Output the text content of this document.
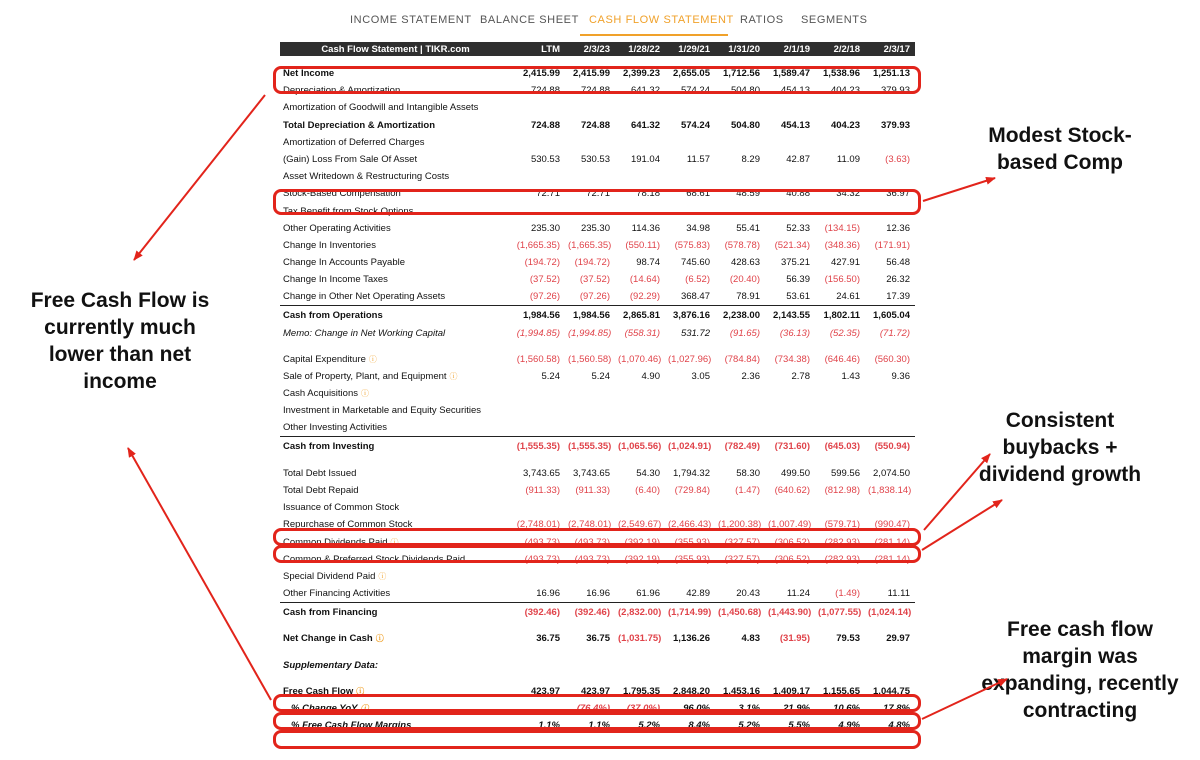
INCOME STATEMENT BALANCE SHEET CASH FLOW STATEMENT RATIOS SEGMENTS
Cash Flow Statement | TIKR.com	LTM	2/3/23	1/28/22	1/29/21	1/31/20	2/1/19	2/2/18	2/3/17

Net Income	2,415.99	2,415.99	2,399.23	2,655.05	1,712.56	1,589.47	1,538.96	1,251.13
Depreciation & Amortization	724.88	724.88	641.32	574.24	504.80	454.13	404.23	379.93
Amortization of Goodwill and Intangible Assets								
Total Depreciation & Amortization	724.88	724.88	641.32	574.24	504.80	454.13	404.23	379.93
Amortization of Deferred Charges								
(Gain) Loss From Sale Of Asset	530.53	530.53	191.04	11.57	8.29	42.87	11.09	(3.63)
Asset Writedown & Restructuring Costs								
Stock-Based Compensation	72.71	72.71	78.18	68.61	48.59	40.88	34.32	36.97
Tax Benefit from Stock Options								
Other Operating Activities	235.30	235.30	114.36	34.98	55.41	52.33	(134.15)	12.36
Change In Inventories	(1,665.35)	(1,665.35)	(550.11)	(575.83)	(578.78)	(521.34)	(348.36)	(171.91)
Change In Accounts Payable	(194.72)	(194.72)	98.74	745.60	428.63	375.21	427.91	56.48
Change In Income Taxes	(37.52)	(37.52)	(14.64)	(6.52)	(20.40)	56.39	(156.50)	26.32
Change in Other Net Operating Assets	(97.26)	(97.26)	(92.29)	368.47	78.91	53.61	24.61	17.39
Cash from Operations	1,984.56	1,984.56	2,865.81	3,876.16	2,238.00	2,143.55	1,802.11	1,605.04
Memo: Change in Net Working Capital	(1,994.85)	(1,994.85)	(558.31)	531.72	(91.65)	(36.13)	(52.35)	(71.72)

Capital Expenditure ⓘ	(1,560.58)	(1,560.58)	(1,070.46)	(1,027.96)	(784.84)	(734.38)	(646.46)	(560.30)
Sale of Property, Plant, and Equipment ⓘ	5.24	5.24	4.90	3.05	2.36	2.78	1.43	9.36
Cash Acquisitions ⓘ								
Investment in Marketable and Equity Securities								
Other Investing Activities								
Cash from Investing	(1,555.35)	(1,555.35)	(1,065.56)	(1,024.91)	(782.49)	(731.60)	(645.03)	(550.94)

Total Debt Issued	3,743.65	3,743.65	54.30	1,794.32	58.30	499.50	599.56	2,074.50
Total Debt Repaid	(911.33)	(911.33)	(6.40)	(729.84)	(1.47)	(640.62)	(812.98)	(1,838.14)
Issuance of Common Stock								
Repurchase of Common Stock	(2,748.01)	(2,748.01)	(2,549.67)	(2,466.43)	(1,200.38)	(1,007.49)	(579.71)	(990.47)
Common Dividends Paid ⓘ	(493.73)	(493.73)	(392.19)	(355.93)	(327.57)	(306.52)	(282.93)	(281.14)
Common & Preferred Stock Dividends Paid	(493.73)	(493.73)	(392.19)	(355.93)	(327.57)	(306.52)	(282.93)	(281.14)
Special Dividend Paid ⓘ								
Other Financing Activities	16.96	16.96	61.96	42.89	20.43	11.24	(1.49)	11.11
Cash from Financing	(392.46)	(392.46)	(2,832.00)	(1,714.99)	(1,450.68)	(1,443.90)	(1,077.55)	(1,024.14)

Net Change in Cash ⓘ	36.75	36.75	(1,031.75)	1,136.26	4.83	(31.95)	79.53	29.97

Supplementary Data:								

Free Cash Flow ⓘ	423.97	423.97	1,795.35	2,848.20	1,453.16	1,409.17	1,155.65	1,044.75
% Change YoY ⓘ		(76.4%)	(37.0%)	96.0%	3.1%	21.9%	10.6%	17.8%
% Free Cash Flow Margins	1.1%	1.1%	5.2%	8.4%	5.2%	5.5%	4.9%	4.8%
Free Cash Flow is currently much lower than net income
Modest Stock-based Comp
Consistent buybacks + dividend growth
Free cash flow margin was expanding, recently contracting
